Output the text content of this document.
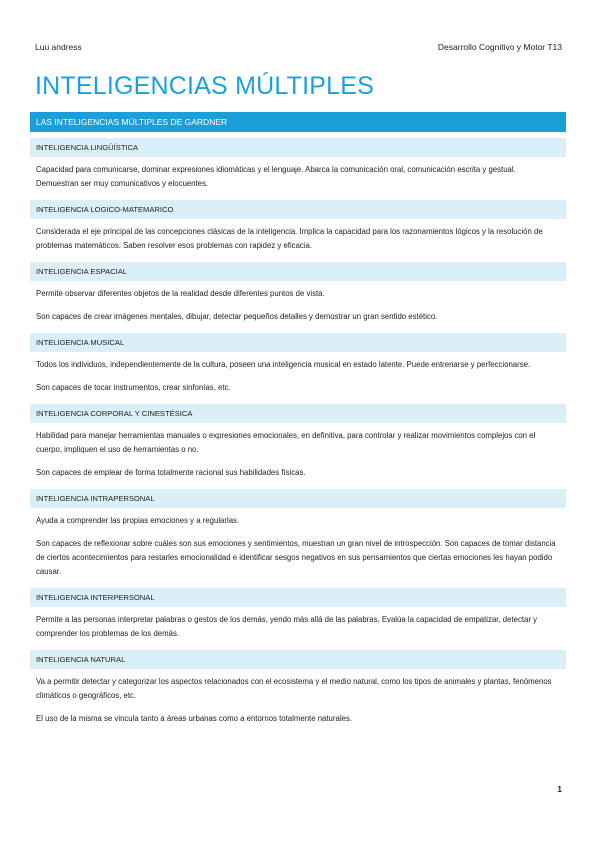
Luu andress	Desarrollo Cognitivo y Motor T13
INTELIGENCIAS MÚLTIPLES
LAS INTELIGENCIAS MÚLTIPLES DE GARDNER
INTELIGENCIA LINGÜÍSTICA

Capacidad para comunicarse, dominar expresiones idiomáticas y el lenguaje. Abarca la comunicación oral, comunicación escrita y gestual. Demuestran ser muy comunicativos y elocuentes.

INTELIGENCIA LOGICO-MATEMARICO

Considerada el eje principal de las concepciones clásicas de la inteligencia. Implica la capacidad para los razonamientos lógicos y la resolución de problemas matemáticos. Saben resolver esos problemas con rapidez y eficacia.

INTELIGENCIA ESPACIAL

Permite observar diferentes objetos de la realidad desde diferentes puntos de vista.

Son capaces de crear imágenes mentales, dibujar, detectar pequeños detalles y demostrar un gran sentido estético.

INTELIGENCIA MUSICAL

Todos los individuos, independientemente de la cultura, poseen una inteligencia musical en estado latente. Puede entrenarse y perfeccionarse.

Son capaces de tocar instrumentos, crear sinfonías, etc.

INTELIGENCIA CORPORAL Y CINESTÉSICA

Habilidad para manejar herramientas manuales o expresiones emocionales, en definitiva, para controlar y realizar movimientos complejos con el cuerpo, impliquen el uso de herramientas o no.

Son capaces de emplear de forma totalmente racional sus habilidades físicas.

INTELIGENCIA INTRAPERSONAL

Ayuda a comprender las propias emociones y a regularlas.

Son capaces de reflexionar sobre cuáles son sus emociones y sentimientos, muestran un gran nivel de introspección. Son capaces de tomar distancia de ciertos acontecimientos para restarles emocionalidad e identificar sesgos negativos en sus pensamientos que ciertas emociones les hayan podido causar.

INTELIGENCIA INTERPERSONAL

Permite a las personas interpretar palabras o gestos de los demás, yendo más allá de las palabras. Evalúa la capacidad de empatizar, detectar y comprender los problemas de los demás.

INTELIGENCIA NATURAL

Va a permitir detectar y categorizar los aspectos relacionados con el ecosistema y el medio natural, como los tipos de animales y plantas, fenómenos climáticos o geográficos, etc.

El uso de la misma se vincula tanto a áreas urbanas como a entornos totalmente naturales.

1
